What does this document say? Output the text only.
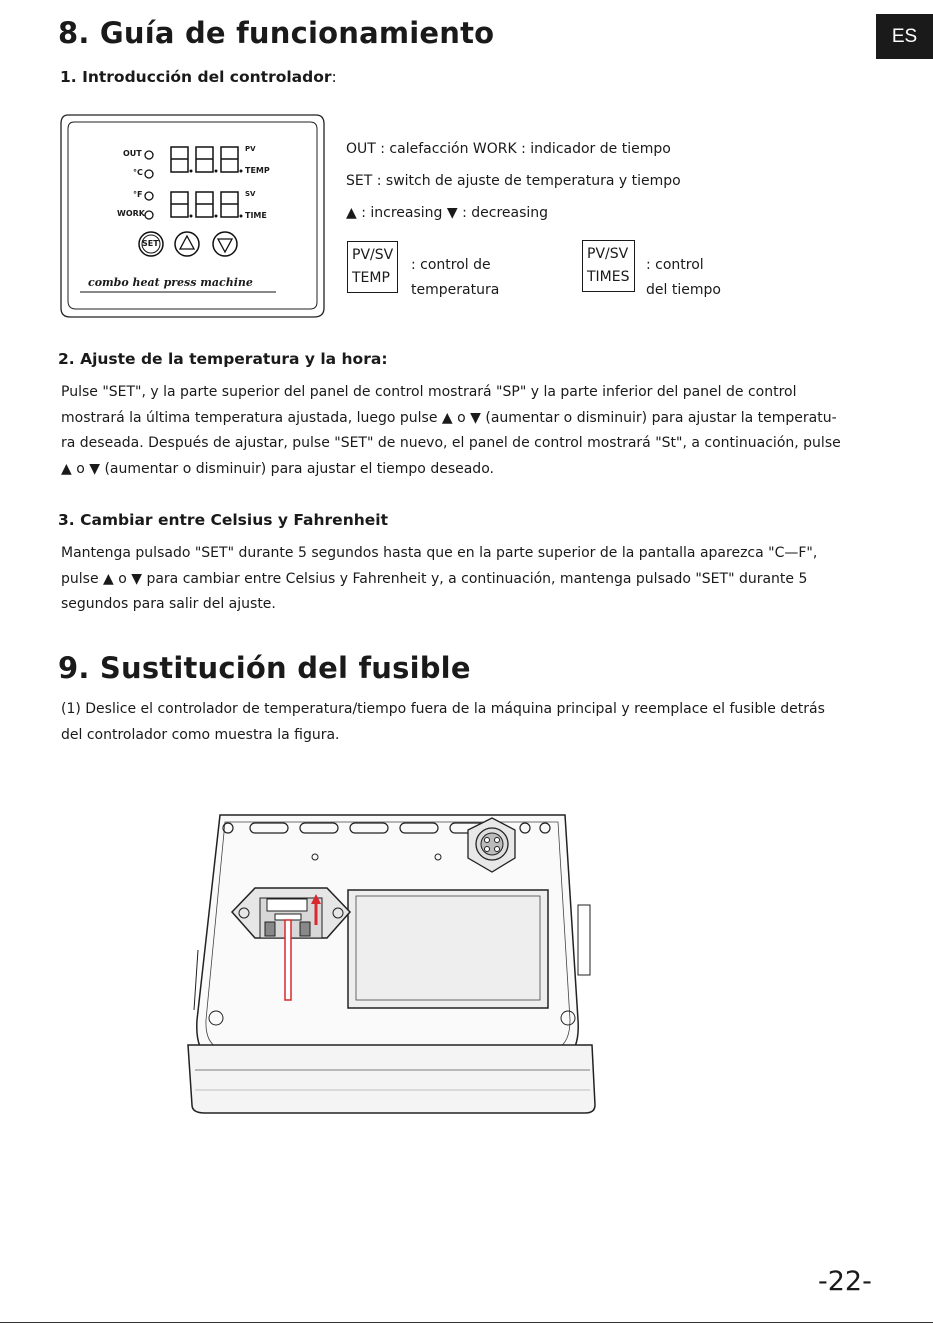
ES
8. Guía de funcionamiento
1. Introducción del controlador:
OUT
°C
°F
WORK
PV
TEMP
SV
TIME
SET
combo heat press machine
OUT : calefacción WORK : indicador de tiempo
SET : switch de ajuste de temperatura y tiempo
▲ : increasing ▼ : decreasing
PV/SV
TEMP
: control de
temperatura
PV/SV
TIMES
: control
del tiempo
2. Ajuste de la temperatura y la hora:
Pulse "SET", y la parte superior del panel de control mostrará "SP" y la parte inferior del panel de control
mostrará la última temperatura ajustada, luego pulse ▲ o ▼ (aumentar o disminuir) para ajustar la temperatu-
ra deseada. Después de ajustar, pulse "SET" de nuevo, el panel de control mostrará "St", a continuación, pulse
▲ o ▼ (aumentar o disminuir) para ajustar el tiempo deseado.
3. Cambiar entre Celsius y Fahrenheit
Mantenga pulsado "SET" durante 5 segundos hasta que en la parte superior de la pantalla aparezca "C—F",
pulse ▲ o ▼ para cambiar entre Celsius y Fahrenheit y, a continuación, mantenga pulsado "SET" durante 5
segundos para salir del ajuste.
9. Sustitución del fusible
(1) Deslice el controlador de temperatura/tiempo fuera de la máquina principal y reemplace el fusible detrás
del controlador como muestra la figura.
-22-
